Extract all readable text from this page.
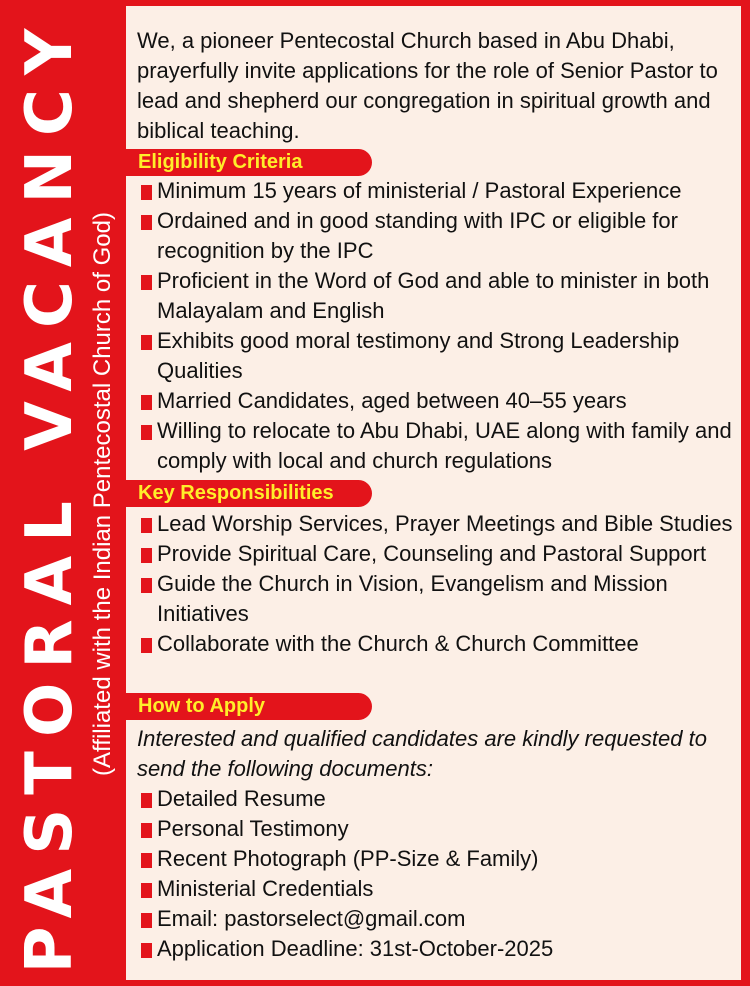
PASTORAL VACANCY (Affiliated with the Indian Pentecostal Church of God)

We, a pioneer Pentecostal Church based in Abu Dhabi, prayerfully invite applications for the role of Senior Pastor to lead and shepherd our congregation in spiritual growth and biblical teaching.

Eligibility Criteria
Minimum 15 years of ministerial / Pastoral Experience
Ordained and in good standing with IPC or eligible for recognition by the IPC
Proficient in the Word of God and able to minister in both Malayalam and English
Exhibits good moral testimony and Strong Leadership Qualities
Married Candidates, aged between 40–55 years
Willing to relocate to Abu Dhabi, UAE along with family and comply with local and church regulations
Key Responsibilities
Lead Worship Services, Prayer Meetings and Bible Studies
Provide Spiritual Care, Counseling and Pastoral Support
Guide the Church in Vision, Evangelism and Mission Initiatives
Collaborate with the Church & Church Committee
How to Apply

Interested and qualified candidates are kindly requested to send the following documents:

Detailed Resume
Personal Testimony
Recent Photograph (PP-Size & Family)
Ministerial Credentials
Email: pastorselect@gmail.com
Application Deadline: 31st-October-2025
